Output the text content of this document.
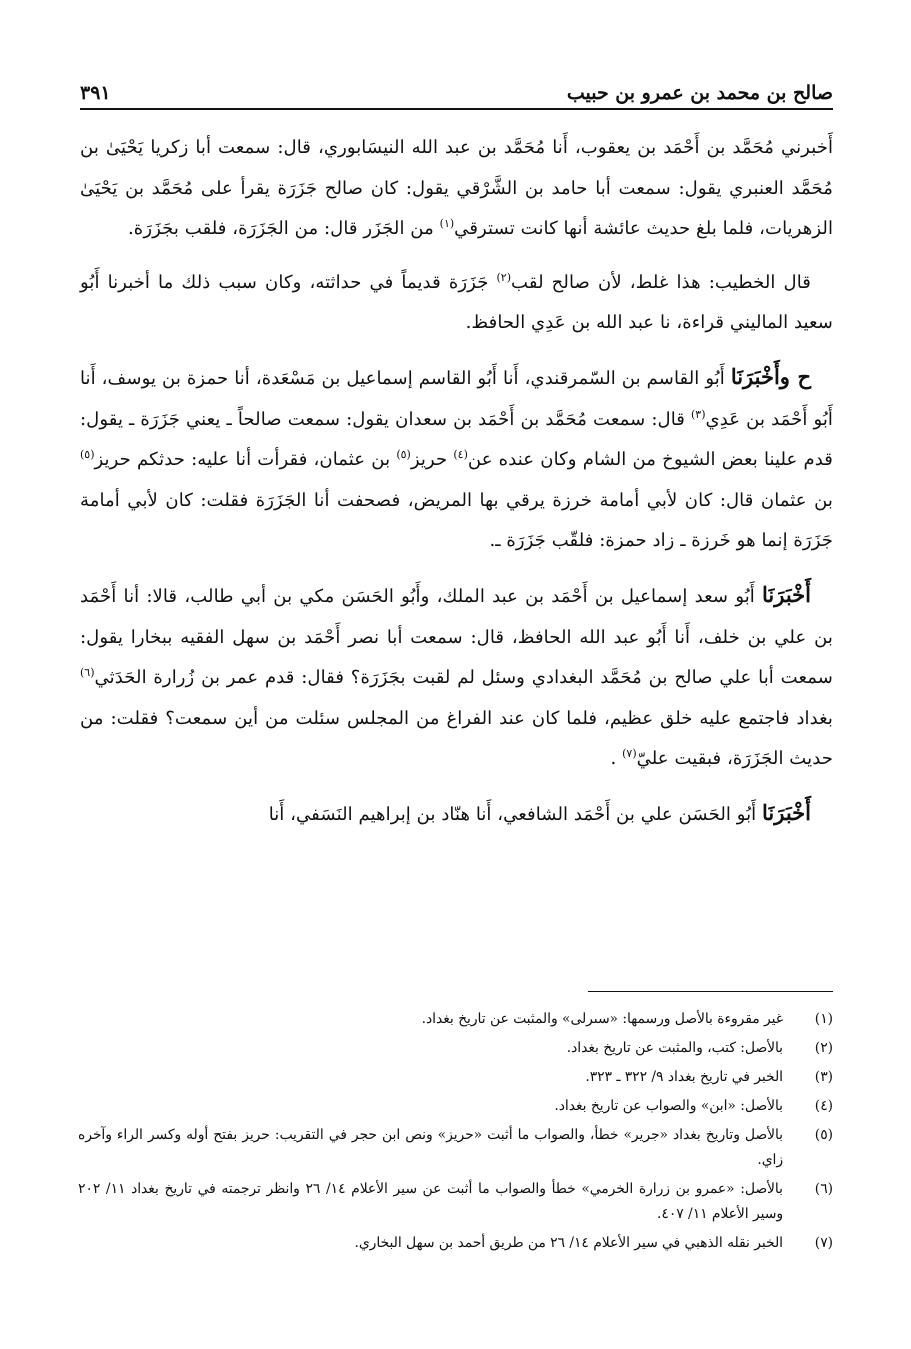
صالح بن محمد بن عمرو بن حبيب
٣٩١

أَخبرني مُحَمَّد بن أَحْمَد بن يعقوب، أَنا مُحَمَّد بن عبد الله النيسَابوري، قال: سمعت أبا زكريا يَحْيَىٰ بن مُحَمَّد العنبري يقول: سمعت أبا حامد بن الشَّرْقي يقول: كان صالح جَزَرَة يقرأ على مُحَمَّد بن يَحْيَىٰ الزهريات، فلما بلغ حديث عائشة أنها كانت تسترقي$^{(١)}$ من الجَزَر قال: من الجَزَرَة، فلقب بجَزَرَة.

قال الخطيب: هذا غلط، لأن صالح لقب$^{(٢)}$ جَزَرَة قديماً في حداثته، وكان سبب ذلك ما أخبرنا أَبُو سعيد الماليني قراءة، نا عبد الله بن عَدِي الحافظ.

ح وأَخْبَرَنَا أَبُو القاسم بن السّمرقندي، أَنا أَبُو القاسم إسماعيل بن مَسْعَدة، أنا حمزة بن يوسف، أَنا أَبُو أَحْمَد بن عَدِي$^{(٣)}$ قال: سمعت مُحَمَّد بن أَحْمَد بن سعدان يقول: سمعت صالحاً ـ يعني جَزَرَة ـ يقول: قدم علينا بعض الشيوخ من الشام وكان عنده عن$^{(٤)}$ حريز$^{(٥)}$ بن عثمان، فقرأت أنا عليه: حدثكم حريز$^{(٥)}$ بن عثمان قال: كان لأبي أمامة خرزة يرقي بها المريض، فصحفت أنا الجَزَرَة فقلت: كان لأبي أمامة جَزَرَة إنما هو خَرزة ـ زاد حمزة: فلقّب جَزَرَة ـ.

أَخْبَرَنَا أَبُو سعد إسماعيل بن أَحْمَد بن عبد الملك، وأَبُو الحَسَن مكي بن أبي طالب، قالا: أنا أَحْمَد بن علي بن خلف، أَنا أَبُو عبد الله الحافظ، قال: سمعت أبا نصر أَحْمَد بن سهل الفقيه ببخارا يقول: سمعت أبا علي صالح بن مُحَمَّد البغدادي وسئل لم لقبت بجَزَرَة؟ فقال: قدم عمر بن زُرارة الحَدَثي$^{(٦)}$ بغداد فاجتمع عليه خلق عظيم، فلما كان عند الفراغ من المجلس سئلت من أين سمعت؟ فقلت: من حديث الجَزَرَة، فبقيت عليّ$^{(٧)}$ .

أَخْبَرَنَا أَبُو الحَسَن علي بن أَحْمَد الشافعي، أَنا هنّاد بن إبراهيم النَسَفي، أَنا

(١)
غير مقروءة بالأصل ورسمها: «سىرلى» والمثبت عن تاريخ بغداد.
(٢)
بالأصل: كتب، والمثبت عن تاريخ بغداد.
(٣)
الخبر في تاريخ بغداد ٩/ ٣٢٢ ـ ٣٢٣.
(٤)
بالأصل: «ابن» والصواب عن تاريخ بغداد.
(٥)
بالأصل وتاريخ بغداد «جرير» خطأ، والصواب ما أثبت «حريز» ونص ابن حجر في التقريب: حريز بفتح أوله وكسر الراء وآخره زاي.
(٦)
بالأصل: «عمرو بن زرارة الخرمي» خطأ والصواب ما أثبت عن سير الأعلام ١٤/ ٢٦ وانظر ترجمته في تاريخ بغداد ١١/ ٢٠٢ وسير الأعلام ١١/ ٤٠٧.
(٧)
الخبر نقله الذهبي في سير الأعلام ١٤/ ٢٦ من طريق أحمد بن سهل البخاري.
